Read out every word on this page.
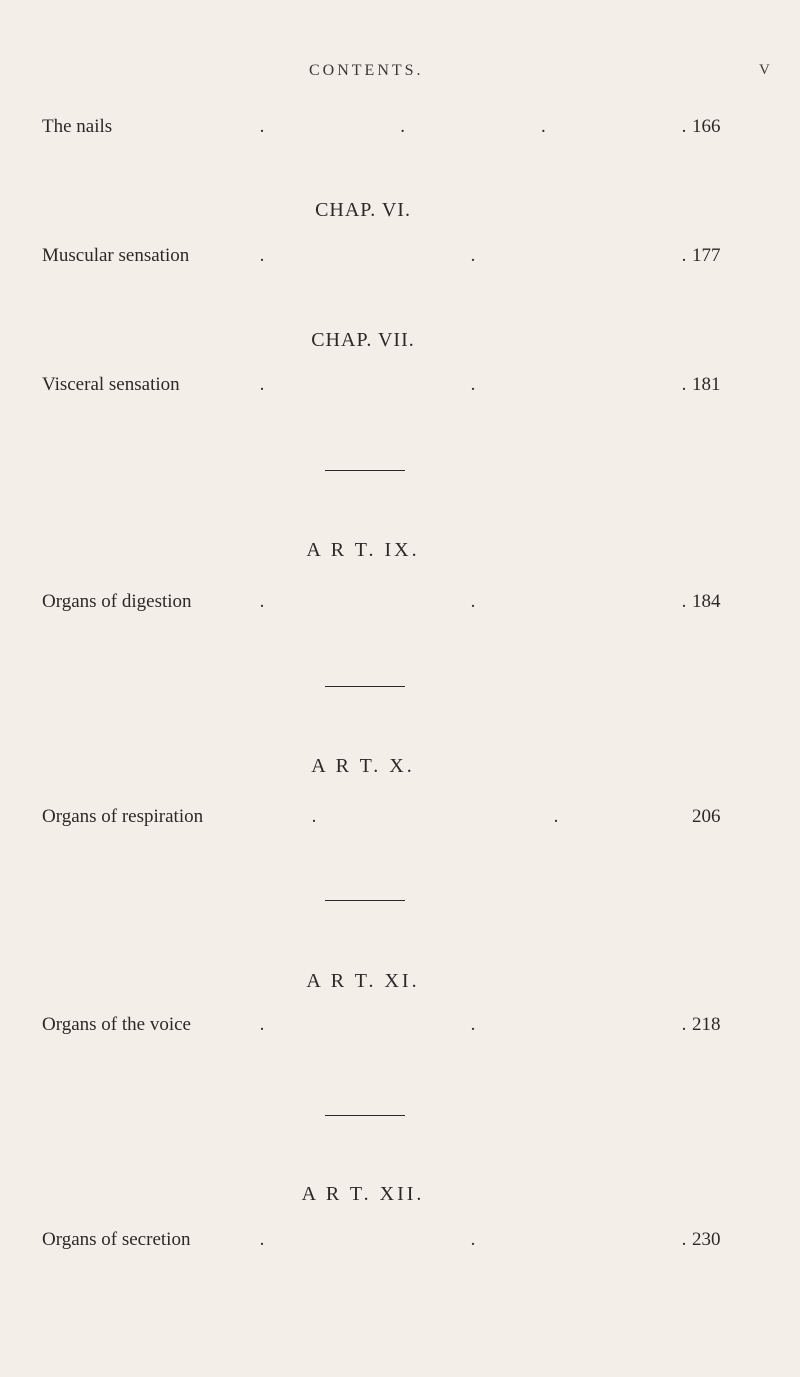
CONTENTS.	V
The nails	.	.	.	. 166
CHAP. VI.
Muscular sensation	.	.	. 177
CHAP. VII.
Visceral sensation	.	.	. 181
A R T. IX.
Organs of digestion	.	.	. 184
A R T. X.
Organs of respiration	.	.	206
A R T. XI.
Organs of the voice	.	.	. 218
A R T. XII.
Organs of secretion	.	.	. 230
